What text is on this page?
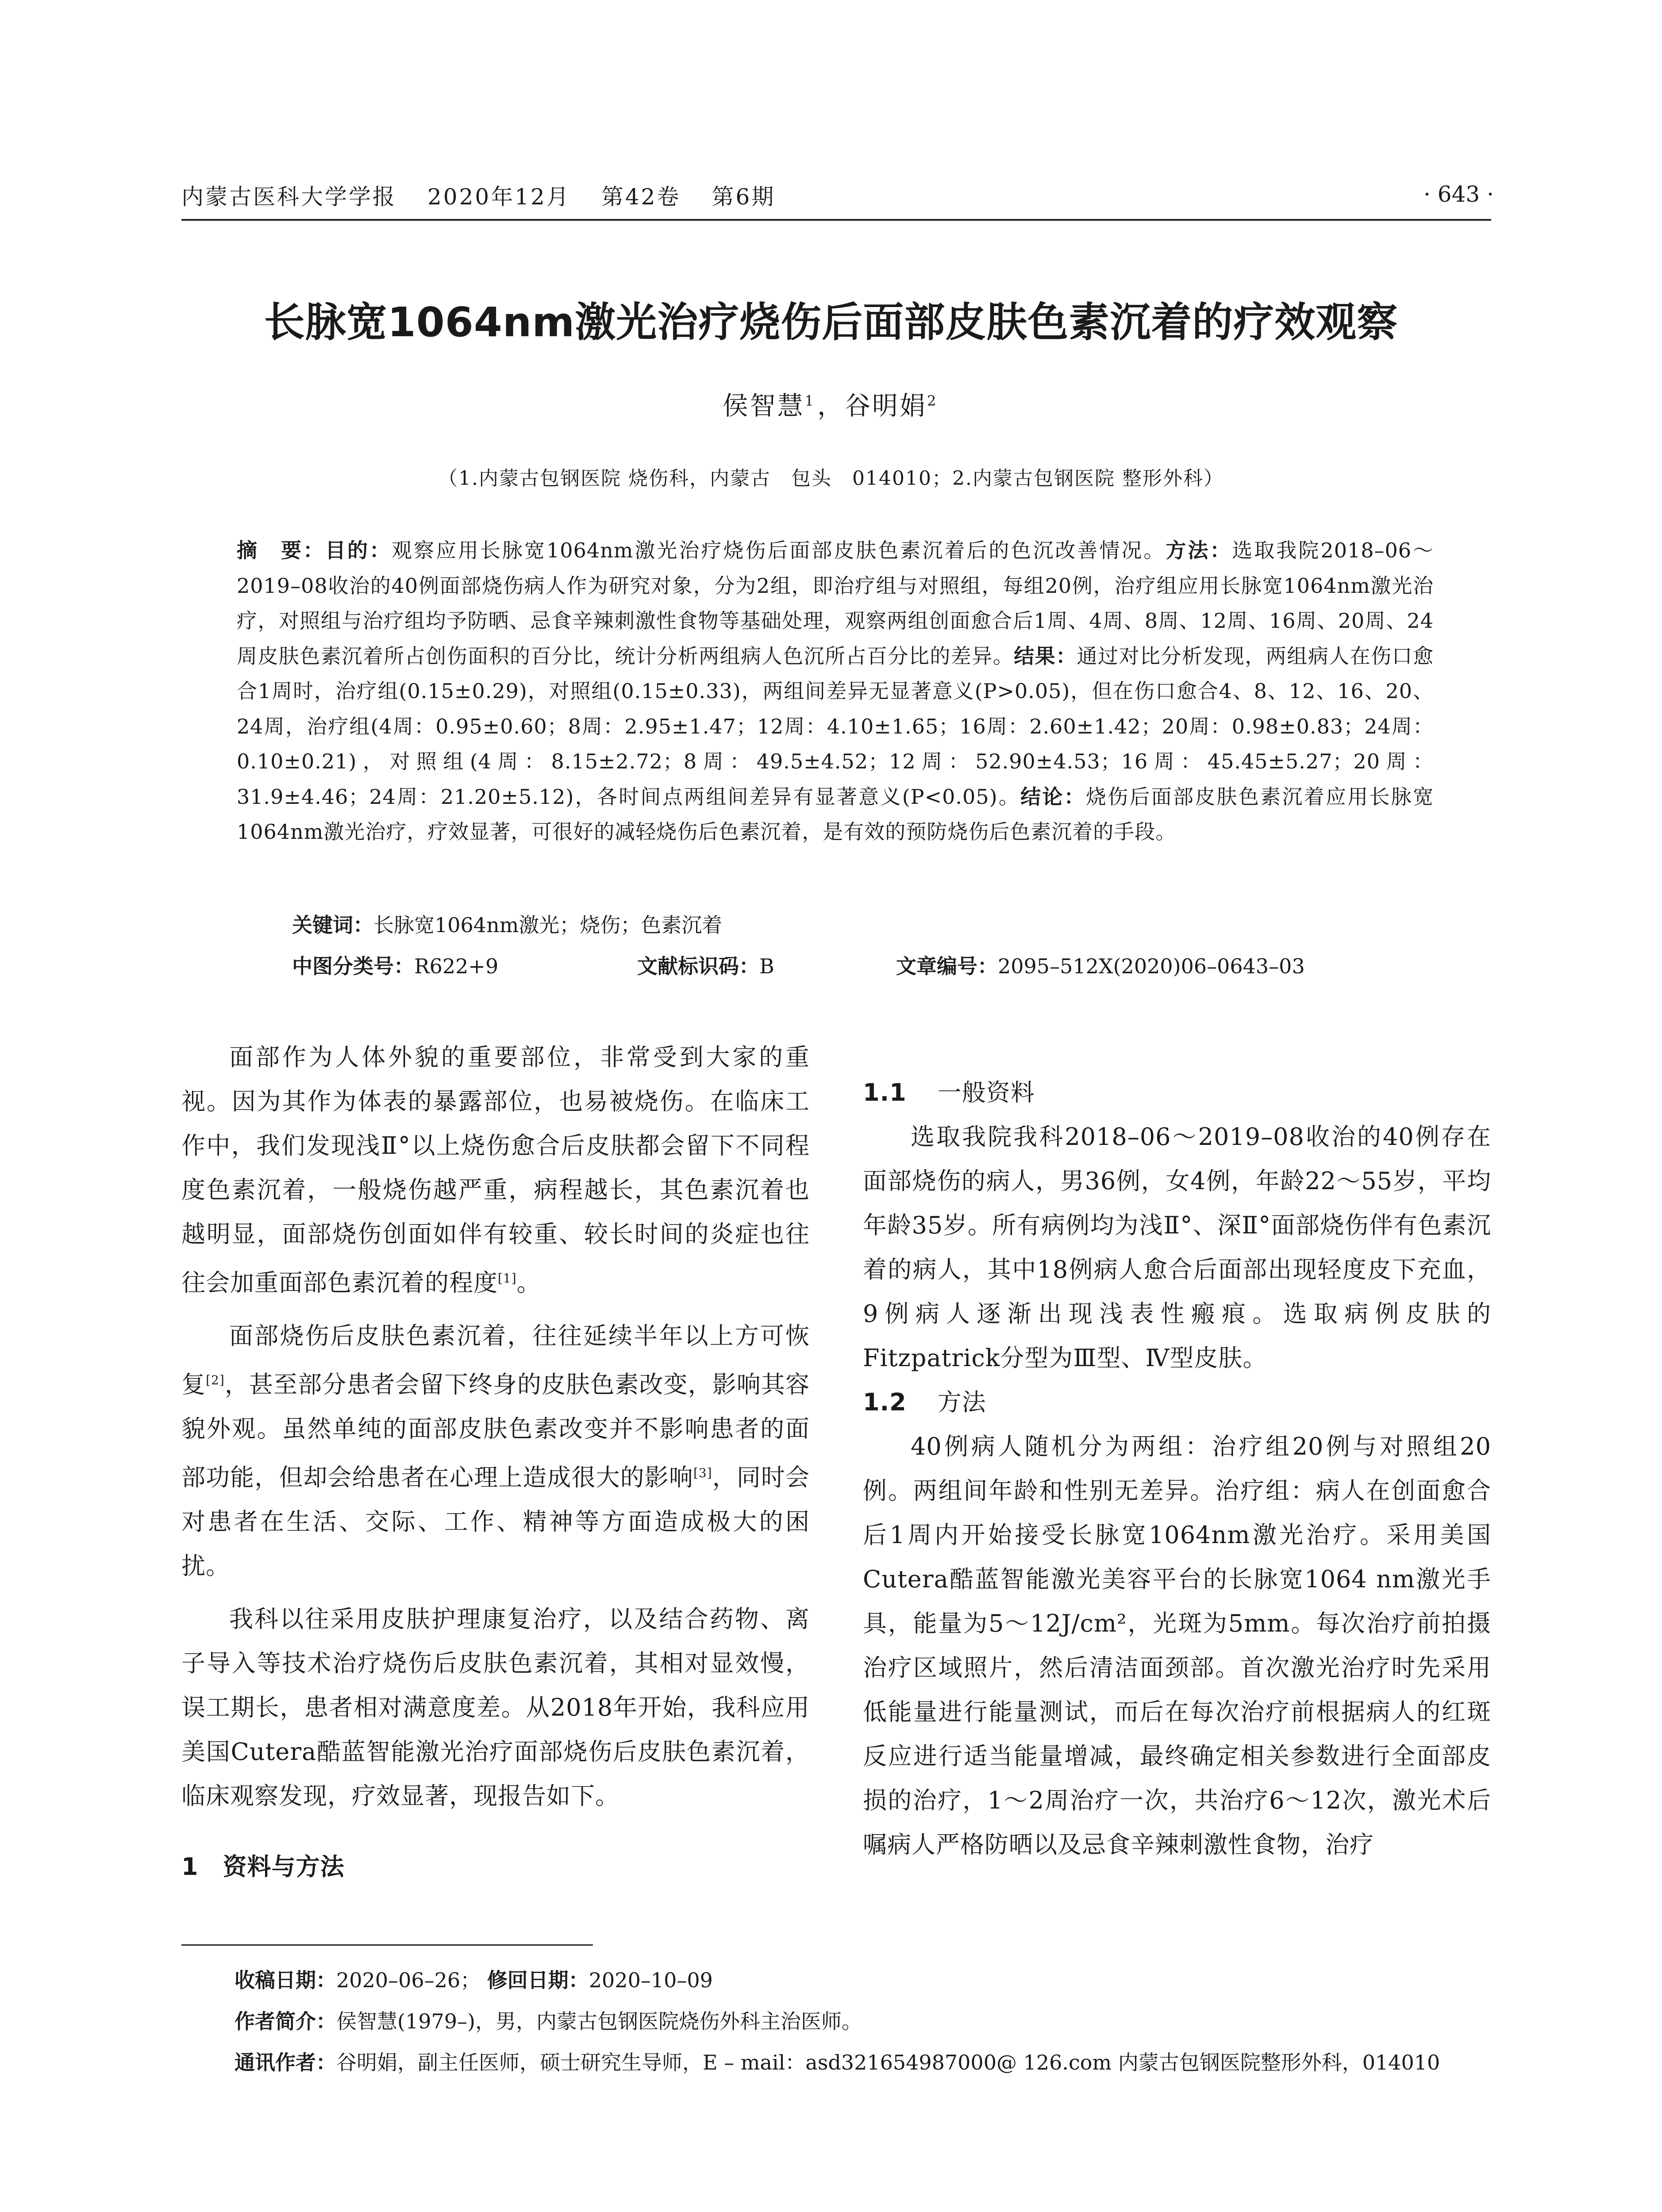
内蒙古医科大学学报 2020年12月 第42卷 第6期	· 643 ·
长脉宽1064nm激光治疗烧伤后面部皮肤色素沉着的疗效观察
侯智慧$^1$，谷明娟$^2$
（1.内蒙古包钢医院 烧伤科，内蒙古　包头　014010；2.内蒙古包钢医院 整形外科）
摘　要：目的：观察应用长脉宽1064nm激光治疗烧伤后面部皮肤色素沉着后的色沉改善情况。方法：选取我院2018–06～2019–08收治的40例面部烧伤病人作为研究对象，分为2组，即治疗组与对照组，每组20例，治疗组应用长脉宽1064nm激光治疗，对照组与治疗组均予防晒、忌食辛辣刺激性食物等基础处理，观察两组创面愈合后1周、4周、8周、12周、16周、20周、24周皮肤色素沉着所占创伤面积的百分比，统计分析两组病人色沉所占百分比的差异。结果：通过对比分析发现，两组病人在伤口愈合1周时，治疗组(0.15±0.29)，对照组(0.15±0.33)，两组间差异无显著意义(P>0.05)，但在伤口愈合4、8、12、16、20、24周，治疗组(4周：0.95±0.60；8周：2.95±1.47；12周：4.10±1.65；16周：2.60±1.42；20周：0.98±0.83；24周：0.10±0.21)，对照组(4周：8.15±2.72；8周：49.5±4.52；12周：52.90±4.53；16周：45.45±5.27；20周：31.9±4.46；24周：21.20±5.12)，各时间点两组间差异有显著意义(P<0.05)。结论：烧伤后面部皮肤色素沉着应用长脉宽1064nm激光治疗，疗效显著，可很好的减轻烧伤后色素沉着，是有效的预防烧伤后色素沉着的手段。
关键词：长脉宽1064nm激光；烧伤；色素沉着
中图分类号：R622+9	文献标识码：B	文章编号：2095–512X(2020)06–0643–03

面部作为人体外貌的重要部位，非常受到大家的重视。因为其作为体表的暴露部位，也易被烧伤。在临床工作中，我们发现浅Ⅱ°以上烧伤愈合后皮肤都会留下不同程度色素沉着，一般烧伤越严重，病程越长，其色素沉着也越明显，面部烧伤创面如伴有较重、较长时间的炎症也往往会加重面部色素沉着的程度[1]。

面部烧伤后皮肤色素沉着，往往延续半年以上方可恢复[2]，甚至部分患者会留下终身的皮肤色素改变，影响其容貌外观。虽然单纯的面部皮肤色素改变并不影响患者的面部功能，但却会给患者在心理上造成很大的影响[3]，同时会对患者在生活、交际、工作、精神等方面造成极大的困扰。

我科以往采用皮肤护理康复治疗，以及结合药物、离子导入等技术治疗烧伤后皮肤色素沉着，其相对显效慢，误工期长，患者相对满意度差。从2018年开始，我科应用美国Cutera酷蓝智能激光治疗面部烧伤后皮肤色素沉着，临床观察发现，疗效显著，现报告如下。

1　资料与方法

1.1 一般资料

选取我院我科2018–06～2019–08收治的40例存在面部烧伤的病人，男36例，女4例，年龄22～55岁，平均年龄35岁。所有病例均为浅Ⅱ°、深Ⅱ°面部烧伤伴有色素沉着的病人，其中18例病人愈合后面部出现轻度皮下充血，9例病人逐渐出现浅表性瘢痕。选取病例皮肤的Fitzpatrick分型为Ⅲ型、Ⅳ型皮肤。

1.2 方法

40例病人随机分为两组：治疗组20例与对照组20例。两组间年龄和性别无差异。治疗组：病人在创面愈合后1周内开始接受长脉宽1064nm激光治疗。采用美国Cutera酷蓝智能激光美容平台的长脉宽1064 nm激光手具，能量为5～12J/cm²，光斑为5mm。每次治疗前拍摄治疗区域照片，然后清洁面颈部。首次激光治疗时先采用低能量进行能量测试，而后在每次治疗前根据病人的红斑反应进行适当能量增减，最终确定相关参数进行全面部皮损的治疗，1～2周治疗一次，共治疗6～12次，激光术后嘱病人严格防晒以及忌食辛辣刺激性食物，治疗

收稿日期：2020–06–26； 修回日期：2020–10–09
作者简介：侯智慧(1979–)，男，内蒙古包钢医院烧伤外科主治医师。
通讯作者：谷明娟，副主任医师，硕士研究生导师，E – mail：asd321654987000@ 126.com 内蒙古包钢医院整形外科，014010
